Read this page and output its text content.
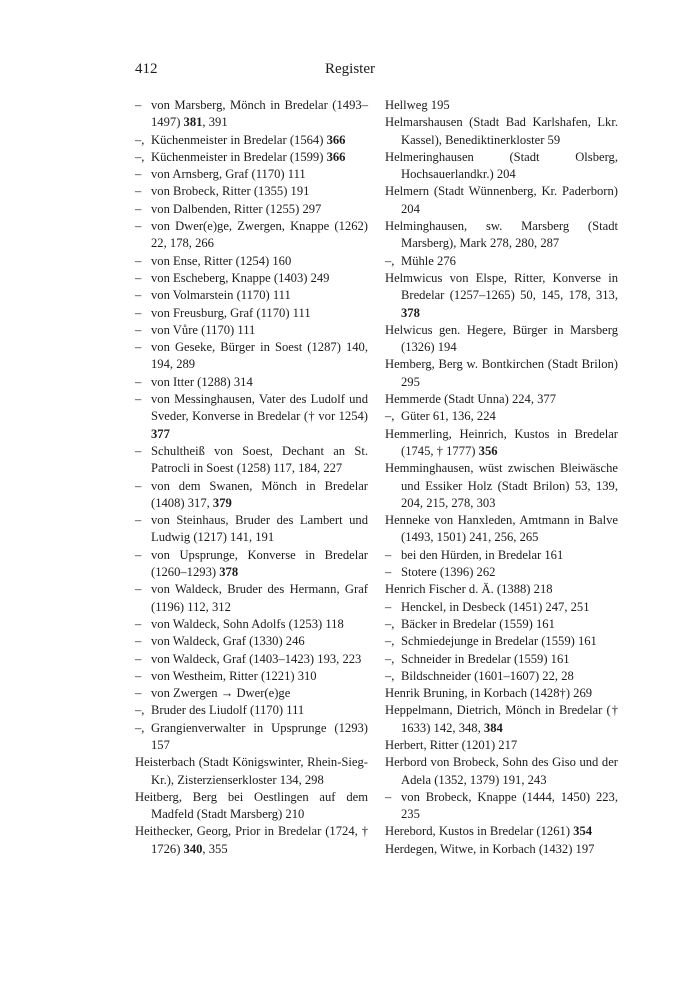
412	Register
– von Marsberg, Mönch in Bredelar (1493–1497) 381, 391
–, Küchenmeister in Bredelar (1564) 366
–, Küchenmeister in Bredelar (1599) 366
– von Arnsberg, Graf (1170) 111
– von Brobeck, Ritter (1355) 191
– von Dalbenden, Ritter (1255) 297
– von Dwer(e)ge, Zwergen, Knappe (1262) 22, 178, 266
– von Ense, Ritter (1254) 160
– von Escheberg, Knappe (1403) 249
– von Volmarstein (1170) 111
– von Freusburg, Graf (1170) 111
– von Vůre (1170) 111
– von Geseke, Bürger in Soest (1287) 140, 194, 289
– von Itter (1288) 314
– von Messinghausen, Vater des Ludolf und Sveder, Konverse in Bredelar († vor 1254) 377
– Schultheiß von Soest, Dechant an St. Patrocli in Soest (1258) 117, 184, 227
– von dem Swanen, Mönch in Bredelar (1408) 317, 379
– von Steinhaus, Bruder des Lambert und Ludwig (1217) 141, 191
– von Upsprunge, Konverse in Bredelar (1260–1293) 378
– von Waldeck, Bruder des Hermann, Graf (1196) 112, 312
– von Waldeck, Sohn Adolfs (1253) 118
– von Waldeck, Graf (1330) 246
– von Waldeck, Graf (1403–1423) 193, 223
– von Westheim, Ritter (1221) 310
– von Zwergen → Dwer(e)ge
–, Bruder des Liudolf (1170) 111
–, Grangienverwalter in Upsprunge (1293) 157
Heisterbach (Stadt Königswinter, Rhein-Sieg-Kr.), Zisterzienserkloster 134, 298
Heitberg, Berg bei Oestlingen auf dem Madfeld (Stadt Marsberg) 210
Heithecker, Georg, Prior in Bredelar (1724, † 1726) 340, 355
Hellweg 195
Helmarshausen (Stadt Bad Karlshafen, Lkr. Kassel), Benediktinerkloster 59
Helmeringhausen (Stadt Olsberg, Hochsauerlandkr.) 204
Helmern (Stadt Wünnenberg, Kr. Paderborn) 204
Helminghausen, sw. Marsberg (Stadt Marsberg), Mark 278, 280, 287
–, Mühle 276
Helmwicus von Elspe, Ritter, Konverse in Bredelar (1257–1265) 50, 145, 178, 313, 378
Helwicus gen. Hegere, Bürger in Marsberg (1326) 194
Hemberg, Berg w. Bontkirchen (Stadt Brilon) 295
Hemmerde (Stadt Unna) 224, 377
–, Güter 61, 136, 224
Hemmerling, Heinrich, Kustos in Bredelar (1745, † 1777) 356
Hemminghausen, wüst zwischen Bleiwäsche und Essiker Holz (Stadt Brilon) 53, 139, 204, 215, 278, 303
Henneke von Hanxleden, Amtmann in Balve (1493, 1501) 241, 256, 265
– bei den Hürden, in Bredelar 161
– Stotere (1396) 262
Henrich Fischer d. Ä. (1388) 218
– Henckel, in Desbeck (1451) 247, 251
–, Bäcker in Bredelar (1559) 161
–, Schmiedejunge in Bredelar (1559) 161
–, Schneider in Bredelar (1559) 161
–, Bildschneider (1601–1607) 22, 28
Henrik Bruning, in Korbach (1428†) 269
Heppelmann, Dietrich, Mönch in Bredelar († 1633) 142, 348, 384
Herbert, Ritter (1201) 217
Herbord von Brobeck, Sohn des Giso und der Adela (1352, 1379) 191, 243
– von Brobeck, Knappe (1444, 1450) 223, 235
Herebord, Kustos in Bredelar (1261) 354
Herdegen, Witwe, in Korbach (1432) 197
